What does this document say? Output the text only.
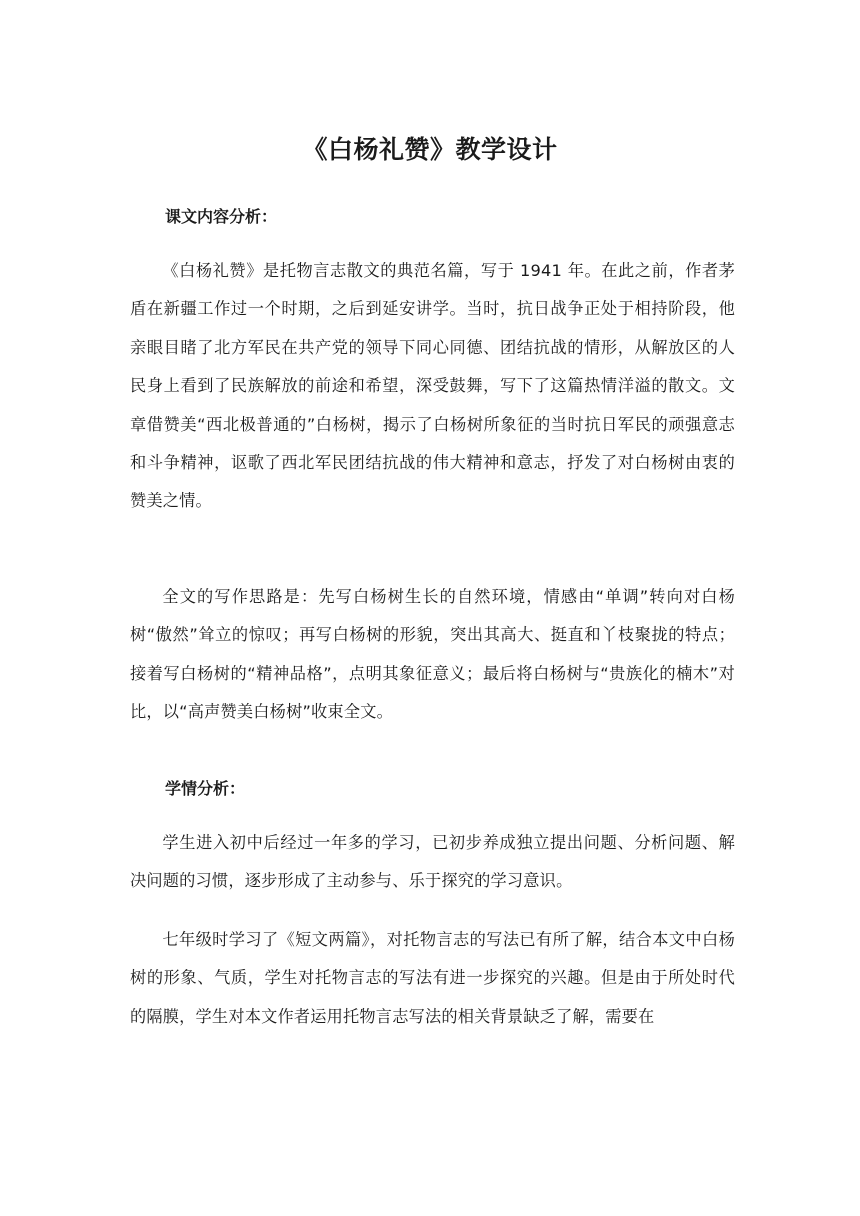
《白杨礼赞》教学设计
课文内容分析：

《白杨礼赞》是托物言志散文的典范名篇，写于 1941 年。在此之前，作者茅盾在新疆工作过一个时期，之后到延安讲学。当时，抗日战争正处于相持阶段，他亲眼目睹了北方军民在共产党的领导下同心同德、团结抗战的情形，从解放区的人民身上看到了民族解放的前途和希望，深受鼓舞，写下了这篇热情洋溢的散文。文章借赞美“西北极普通的”白杨树，揭示了白杨树所象征的当时抗日军民的顽强意志和斗争精神，讴歌了西北军民团结抗战的伟大精神和意志，抒发了对白杨树由衷的赞美之情。

全文的写作思路是：先写白杨树生长的自然环境，情感由“单调”转向对白杨树“傲然”耸立的惊叹；再写白杨树的形貌，突出其高大、挺直和丫枝聚拢的特点；接着写白杨树的“精神品格”，点明其象征意义；最后将白杨树与“贵族化的楠木”对比，以“高声赞美白杨树”收束全文。

学情分析：

学生进入初中后经过一年多的学习，已初步养成独立提出问题、分析问题、解决问题的习惯，逐步形成了主动参与、乐于探究的学习意识。

七年级时学习了《短文两篇》，对托物言志的写法已有所了解，结合本文中白杨树的形象、气质，学生对托物言志的写法有进一步探究的兴趣。但是由于所处时代的隔膜，学生对本文作者运用托物言志写法的相关背景缺乏了解，需要在
